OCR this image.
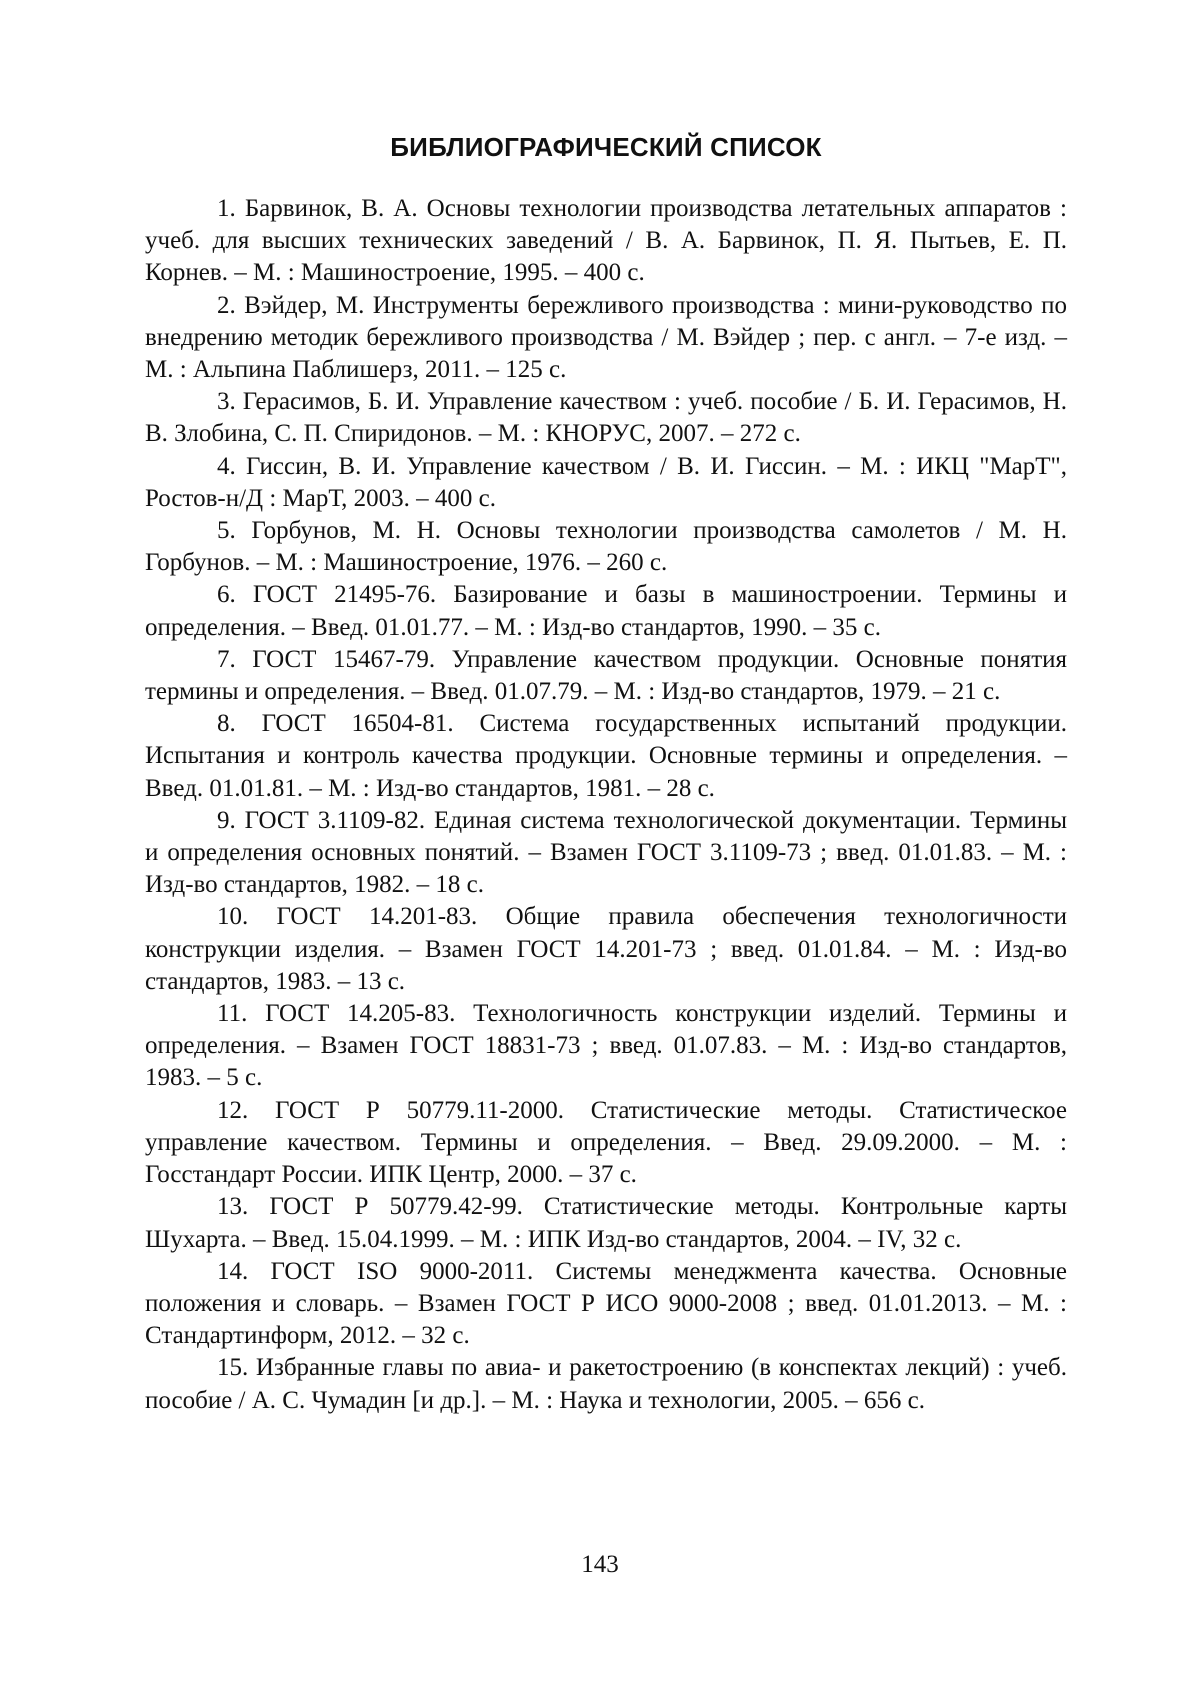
БИБЛИОГРАФИЧЕСКИЙ СПИСОК
1. Барвинок, В. А. Основы технологии производства летательных аппаратов : учеб. для высших технических заведений / В. А. Барвинок, П. Я. Пытьев, Е. П. Корнев. – М. : Машиностроение, 1995. – 400 с.
2. Вэйдер, М. Инструменты бережливого производства : мини-руководство по внедрению методик бережливого производства / М. Вэйдер ; пер. с англ. – 7-е изд. – М. : Альпина Паблишерз, 2011. – 125 с.
3. Герасимов, Б. И. Управление качеством : учеб. пособие / Б. И. Герасимов, Н. В. Злобина, С. П. Спиридонов. – М. : КНОРУС, 2007. – 272 с.
4. Гиссин, В. И. Управление качеством / В. И. Гиссин. – М. : ИКЦ "МарТ", Ростов-н/Д : МарТ, 2003. – 400 с.
5. Горбунов, М. Н. Основы технологии производства самолетов / М. Н. Горбунов. – М. : Машиностроение, 1976. – 260 с.
6. ГОСТ 21495-76. Базирование и базы в машиностроении. Термины и определения. – Введ. 01.01.77. – М. : Изд-во стандартов, 1990. – 35 с.
7. ГОСТ 15467-79. Управление качеством продукции. Основные понятия термины и определения. – Введ. 01.07.79. – М. : Изд-во стандартов, 1979. – 21 с.
8. ГОСТ 16504-81. Система государственных испытаний продукции. Испытания и контроль качества продукции. Основные термины и определения. – Введ. 01.01.81. – М. : Изд-во стандартов, 1981. – 28 с.
9. ГОСТ 3.1109-82. Единая система технологической документации. Термины и определения основных понятий. – Взамен ГОСТ 3.1109-73 ; введ. 01.01.83. – М. : Изд-во стандартов, 1982. – 18 с.
10. ГОСТ 14.201-83. Общие правила обеспечения технологичности конструкции изделия. – Взамен ГОСТ 14.201-73 ; введ. 01.01.84. – М. : Изд-во стандартов, 1983. – 13 с.
11. ГОСТ 14.205-83. Технологичность конструкции изделий. Термины и определения. – Взамен ГОСТ 18831-73 ; введ. 01.07.83. – М. : Изд-во стандартов, 1983. – 5 с.
12. ГОСТ Р 50779.11-2000. Статистические методы. Статистическое управление качеством. Термины и определения. – Введ. 29.09.2000. – М. : Госстандарт России. ИПК Центр, 2000. – 37 с.
13. ГОСТ Р 50779.42-99. Статистические методы. Контрольные карты Шухарта. – Введ. 15.04.1999. – М. : ИПК Изд-во стандартов, 2004. – IV, 32 с.
14. ГОСТ ISO 9000-2011. Системы менеджмента качества. Основные положения и словарь. – Взамен ГОСТ Р ИСО 9000-2008 ; введ. 01.01.2013. – М. : Стандартинформ, 2012. – 32 с.
15. Избранные главы по авиа- и ракетостроению (в конспектах лекций) : учеб. пособие / А. С. Чумадин [и др.]. – М. : Наука и технологии, 2005. – 656 с.
143
